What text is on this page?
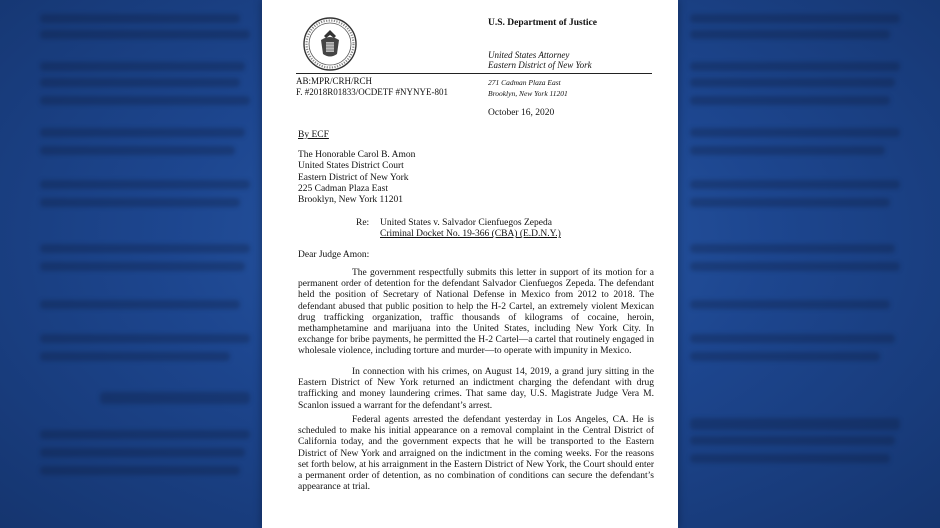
U.S. Department of Justice
United States Attorney
Eastern District of New York
AB:MPR/CRH/RCH
F. #2018R01833/OCDETF #NYNYE-801
271 Cadman Plaza East
Brooklyn, New York 11201
October 16, 2020
By ECF
The Honorable Carol B. Amon
United States District Court
Eastern District of New York
225 Cadman Plaza East
Brooklyn, New York 11201
Re: United States v. Salvador Cienfuegos Zepeda
Criminal Docket No. 19-366 (CBA) (E.D.N.Y.)
Dear Judge Amon:
The government respectfully submits this letter in support of its motion for a permanent order of detention for the defendant Salvador Cienfuegos Zepeda. The defendant held the position of Secretary of National Defense in Mexico from 2012 to 2018. The defendant abused that public position to help the H-2 Cartel, an extremely violent Mexican drug trafficking organization, traffic thousands of kilograms of cocaine, heroin, methamphetamine and marijuana into the United States, including New York City. In exchange for bribe payments, he permitted the H-2 Cartel—a cartel that routinely engaged in wholesale violence, including torture and murder—to operate with impunity in Mexico.
In connection with his crimes, on August 14, 2019, a grand jury sitting in the Eastern District of New York returned an indictment charging the defendant with drug trafficking and money laundering crimes. That same day, U.S. Magistrate Judge Vera M. Scanlon issued a warrant for the defendant’s arrest.
Federal agents arrested the defendant yesterday in Los Angeles, CA. He is scheduled to make his initial appearance on a removal complaint in the Central District of California today, and the government expects that he will be transported to the Eastern District of New York and arraigned on the indictment in the coming weeks. For the reasons set forth below, at his arraignment in the Eastern District of New York, the Court should enter a permanent order of detention, as no combination of conditions can secure the defendant’s appearance at trial.
